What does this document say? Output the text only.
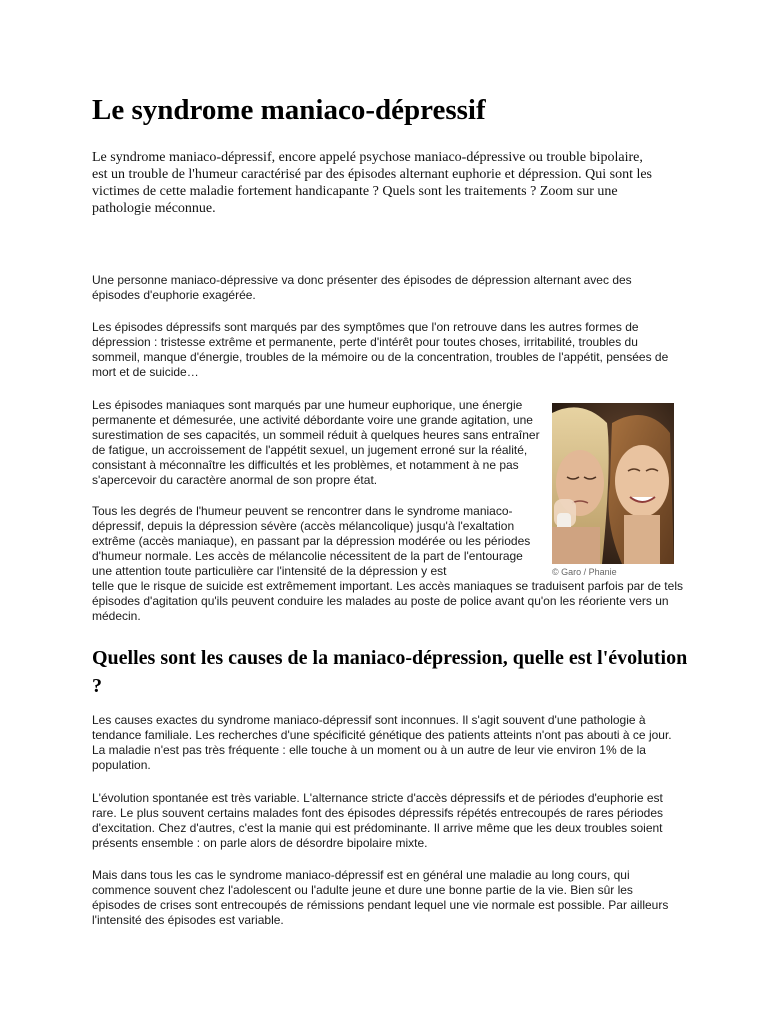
Le syndrome maniaco-dépressif

Le syndrome maniaco-dépressif, encore appelé psychose maniaco-dépressive ou trouble bipolaire, est un trouble de l'humeur caractérisé par des épisodes alternant euphorie et dépression. Qui sont les victimes de cette maladie fortement handicapante ? Quels sont les traitements ? Zoom sur une pathologie méconnue.

Une personne maniaco-dépressive va donc présenter des épisodes de dépression alternant avec des épisodes d'euphorie exagérée.

Les épisodes dépressifs sont marqués par des symptômes que l'on retrouve dans les autres formes de dépression : tristesse extrême et permanente, perte d'intérêt pour toutes choses, irritabilité, troubles du sommeil, manque d'énergie, troubles de la mémoire ou de la concentration, troubles de l'appétit, pensées de mort et de suicide…

Les épisodes maniaques sont marqués par une humeur euphorique, une énergie permanente et démesurée, une activité débordante voire une grande agitation, une surestimation de ses capacités, un sommeil réduit à quelques heures sans entraîner de fatigue, un accroissement de l'appétit sexuel, un jugement erroné sur la réalité, consistant à méconnaître les difficultés et les problèmes, et notamment à ne pas s'apercevoir du caractère anormal de son propre état.

Tous les degrés de l'humeur peuvent se rencontrer dans le syndrome maniaco-dépressif, depuis la dépression sévère (accès mélancolique) jusqu'à l'exaltation extrême (accès maniaque), en passant par la dépression modérée ou les périodes d'humeur normale. Les accès de mélancolie nécessitent de la part de l'entourage une attention toute particulière car l'intensité de la dépression y est

telle que le risque de suicide est extrêmement important. Les accès maniaques se traduisent parfois par de tels épisodes d'agitation qu'ils peuvent conduire les malades au poste de police avant qu'on les réoriente vers un médecin.

© Garo / Phanie

Quelles sont les causes de la maniaco-dépression, quelle est l'évolution ?

Les causes exactes du syndrome maniaco-dépressif sont inconnues. Il s'agit souvent d'une pathologie à tendance familiale. Les recherches d'une spécificité génétique des patients atteints n'ont pas abouti à ce jour. La maladie n'est pas très fréquente : elle touche à un moment ou à un autre de leur vie environ 1% de la population.

L'évolution spontanée est très variable. L'alternance stricte d'accès dépressifs et de périodes d'euphorie est rare. Le plus souvent certains malades font des épisodes dépressifs répétés entrecoupés de rares périodes d'excitation. Chez d'autres, c'est la manie qui est prédominante. Il arrive même que les deux troubles soient présents ensemble : on parle alors de désordre bipolaire mixte.

Mais dans tous les cas le syndrome maniaco-dépressif est en général une maladie au long cours, qui commence souvent chez l'adolescent ou l'adulte jeune et dure une bonne partie de la vie. Bien sûr les épisodes de crises sont entrecoupés de rémissions pendant lequel une vie normale est possible. Par ailleurs l'intensité des épisodes est variable.
